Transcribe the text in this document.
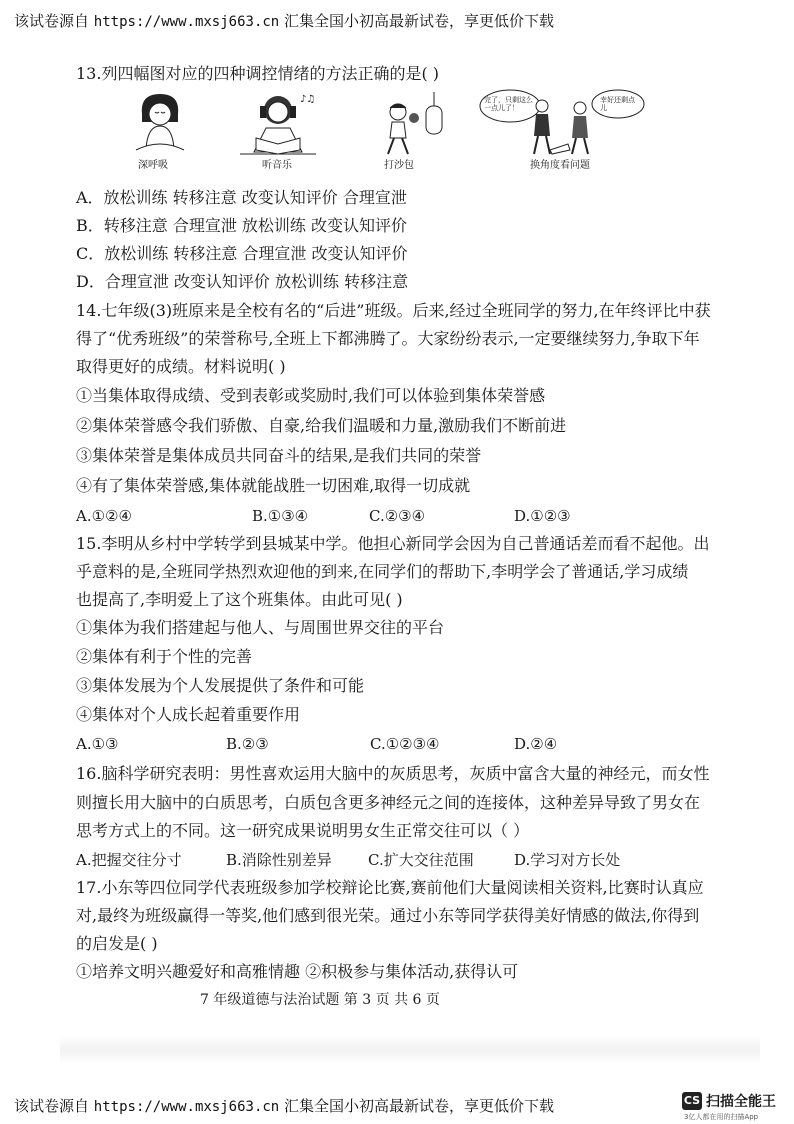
该试卷源自 https://www.mxsj663.cn 汇集全国小初高最新试卷，享更低价下载
13.列四幅图对应的四种调控情绪的方法正确的是( )
深呼吸
♪♫
听音乐	打沙包
完了，只剩这么一点儿了！
幸好还剩点儿
换角度看问题
A．放松训练 转移注意 改变认知评价 合理宣泄
B．转移注意 合理宣泄 放松训练 改变认知评价
C．放松训练 转移注意 合理宣泄 改变认知评价
D．合理宣泄 改变认知评价 放松训练 转移注意
14.七年级(3)班原来是全校有名的“后进”班级。后来,经过全班同学的努力,在年终评比中获
得了“优秀班级”的荣誉称号,全班上下都沸腾了。大家纷纷表示,一定要继续努力,争取下年
取得更好的成绩。材料说明( )
①当集体取得成绩、受到表彰或奖励时,我们可以体验到集体荣誉感
②集体荣誉感令我们骄傲、自豪,给我们温暖和力量,激励我们不断前进
③集体荣誉是集体成员共同奋斗的结果,是我们共同的荣誉
④有了集体荣誉感,集体就能战胜一切困难,取得一切成就
A.①②④	B.①③④	C.②③④	D.①②③
15.李明从乡村中学转学到县城某中学。他担心新同学会因为自己普通话差而看不起他。出
乎意料的是,全班同学热烈欢迎他的到来,在同学们的帮助下,李明学会了普通话,学习成绩
也提高了,李明爱上了这个班集体。由此可见( )
①集体为我们搭建起与他人、与周围世界交往的平台
②集体有利于个性的完善
③集体发展为个人发展提供了条件和可能
④集体对个人成长起着重要作用
A.①③	B.②③	C.①②③④	D.②④
16.脑科学研究表明：男性喜欢运用大脑中的灰质思考，灰质中富含大量的神经元，而女性
则擅长用大脑中的白质思考，白质包含更多神经元之间的连接体，这种差异导致了男女在
思考方式上的不同。这一研究成果说明男女生正常交往可以（ ）
A.把握交往分寸	B.消除性别差异 C.扩大交往范围	D.学习对方长处
17.小东等四位同学代表班级参加学校辩论比赛,赛前他们大量阅读相关资料,比赛时认真应
对,最终为班级赢得一等奖,他们感到很光荣。通过小东等同学获得美好情感的做法,你得到
的启发是( )
①培养文明兴趣爱好和高雅情趣 ②积极参与集体活动,获得认可
7 年级道德与法治试题 第 3 页 共 6 页
该试卷源自 https://www.mxsj663.cn 汇集全国小初高最新试卷，享更低价下载	CS 扫描全能王
3亿人都在用的扫描App
